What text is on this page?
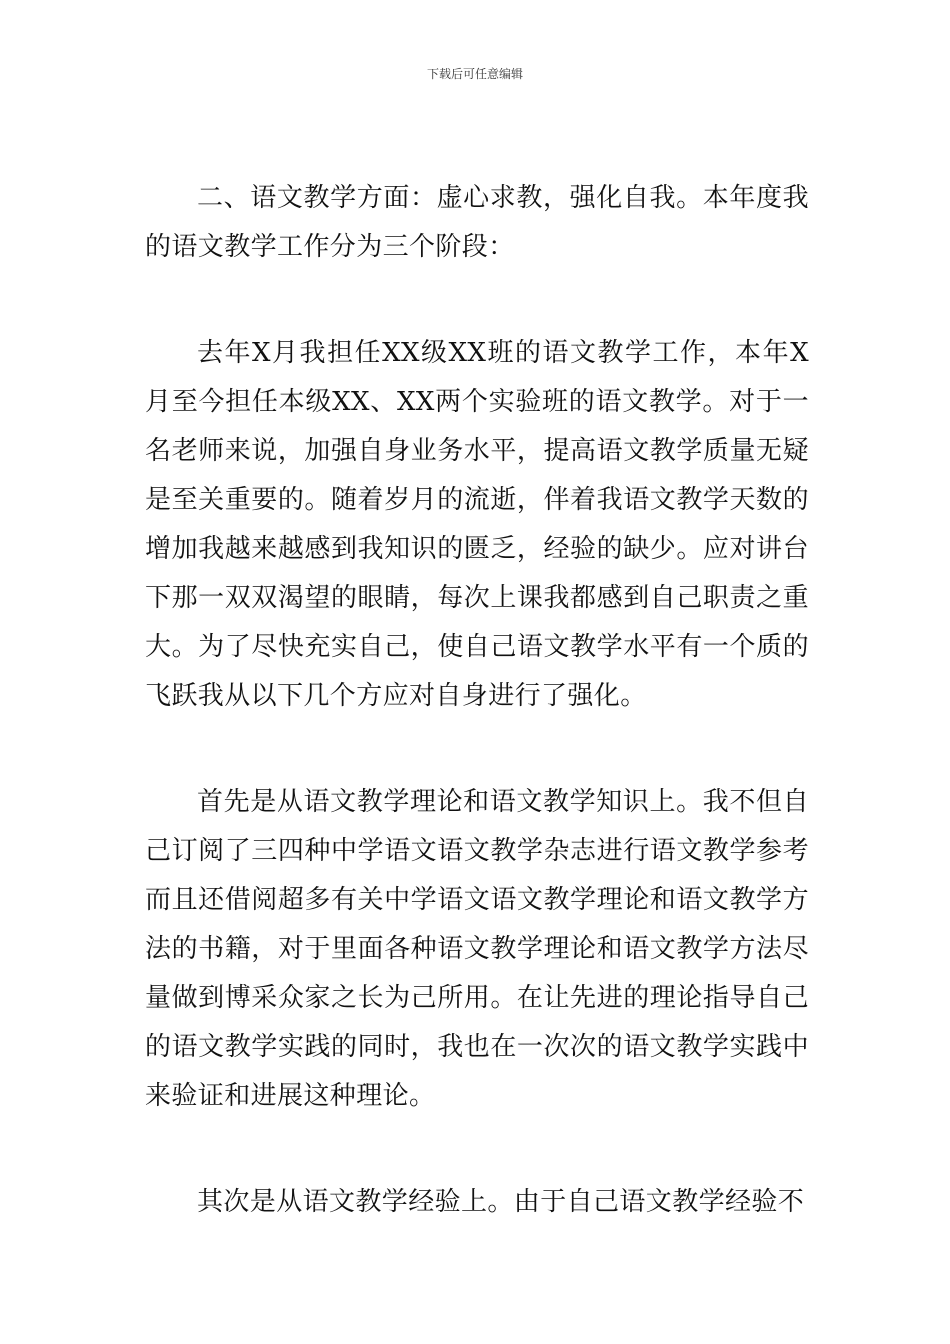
下载后可任意编辑

二、语文教学方面：虚心求教，强化自我。本年度我的语文教学工作分为三个阶段：

去年X月我担任XX级XX班的语文教学工作，本年X月至今担任本级XX、XX两个实验班的语文教学。对于一名老师来说，加强自身业务水平，提高语文教学质量无疑是至关重要的。随着岁月的流逝，伴着我语文教学天数的增加我越来越感到我知识的匮乏，经验的缺少。应对讲台下那一双双渴望的眼睛，每次上课我都感到自己职责之重大。为了尽快充实自己，使自己语文教学水平有一个质的飞跃我从以下几个方应对自身进行了强化。

首先是从语文教学理论和语文教学知识上。我不但自己订阅了三四种中学语文语文教学杂志进行语文教学参考而且还借阅超多有关中学语文语文教学理论和语文教学方法的书籍，对于里面各种语文教学理论和语文教学方法尽量做到博采众家之长为己所用。在让先进的理论指导自己的语文教学实践的同时，我也在一次次的语文教学实践中来验证和进展这种理论。

其次是从语文教学经验上。由于自己语文教学经验不
